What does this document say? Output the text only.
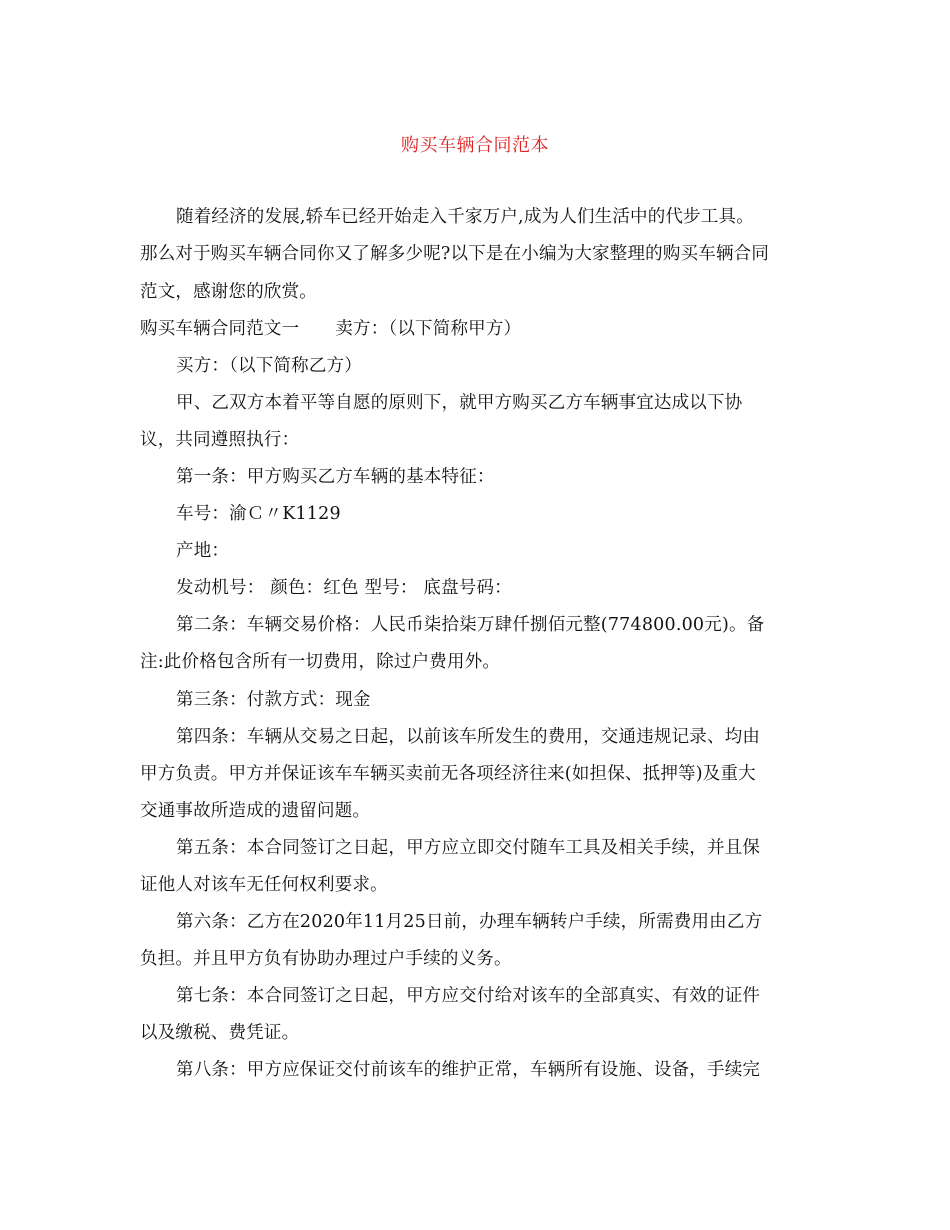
购买车辆合同范本
随着经济的发展,轿车已经开始走入千家万户,成为人们生活中的代步工具。
那么对于购买车辆合同你又了解多少呢?以下是在小编为大家整理的购买车辆合同
范文，感谢您的欣赏。
购买车辆合同范文一 卖方：（以下简称甲方）
买方：（以下简称乙方）
甲、乙双方本着平等自愿的原则下，就甲方购买乙方车辆事宜达成以下协
议，共同遵照执行：
第一条：甲方购买乙方车辆的基本特征：
车号：渝Ｃ〃K1129
产地：
发动机号： 颜色：红色 型号： 底盘号码：
第二条：车辆交易价格：人民币柒拾柒万肆仟捌佰元整(774800.00元)。备
注:此价格包含所有一切费用，除过户费用外。
第三条：付款方式：现金
第四条：车辆从交易之日起，以前该车所发生的费用，交通违规记录、均由
甲方负责。甲方并保证该车车辆买卖前无各项经济往来(如担保、抵押等)及重大
交通事故所造成的遗留问题。
第五条：本合同签订之日起，甲方应立即交付随车工具及相关手续，并且保
证他人对该车无任何权利要求。
第六条：乙方在2020年11月25日前，办理车辆转户手续，所需费用由乙方
负担。并且甲方负有协助办理过户手续的义务。
第七条：本合同签订之日起，甲方应交付给对该车的全部真实、有效的证件
以及缴税、费凭证。
第八条：甲方应保证交付前该车的维护正常，车辆所有设施、设备，手续完
